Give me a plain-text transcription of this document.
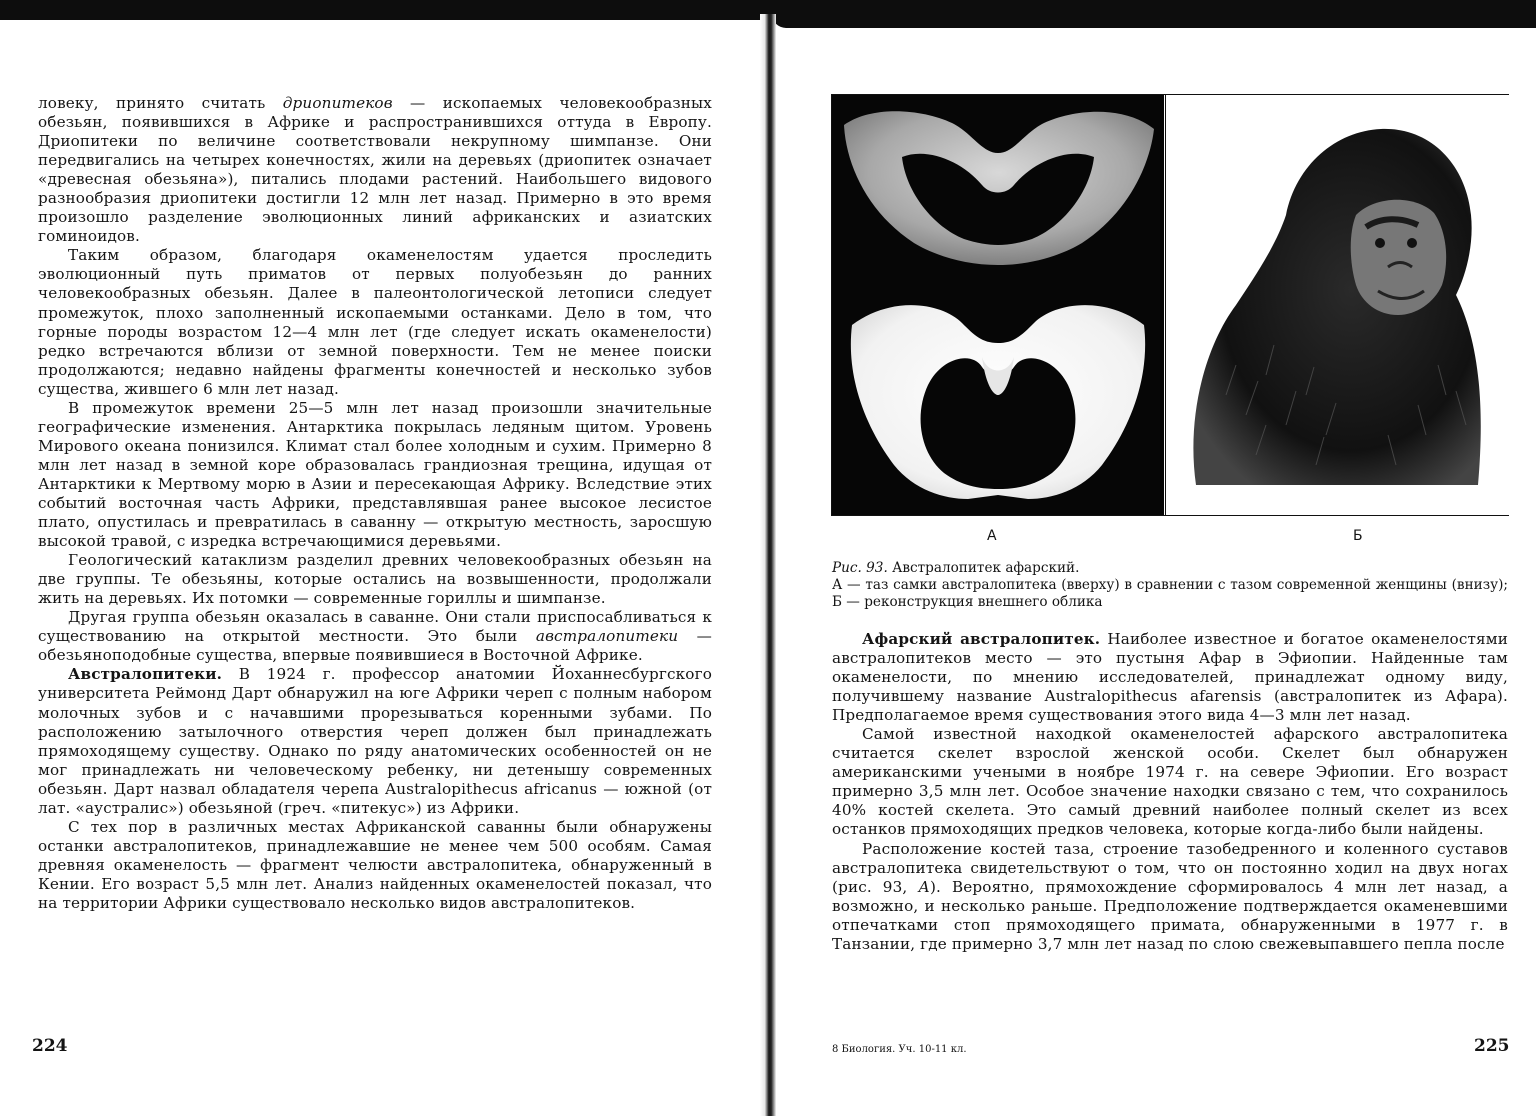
ловеку, принято считать дриопитеков — ископаемых человекообразных обезьян, появившихся в Африке и распространившихся оттуда в Европу. Дриопитеки по величине соответствовали некрупному шимпанзе. Они передвигались на четырех конечностях, жили на деревьях (дриопитек означает «древесная обезьяна»), питались плодами растений. Наибольшего видового разнообразия дриопитеки достигли 12 млн лет назад. Примерно в это время произошло разделение эволюционных линий африканских и азиатских гоминоидов.

Таким образом, благодаря окаменелостям удается проследить эволюционный путь приматов от первых полуобезьян до ранних человекообразных обезьян. Далее в палеонтологической летописи следует промежуток, плохо заполненный ископаемыми останками. Дело в том, что горные породы возрастом 12—4 млн лет (где следует искать окаменелости) редко встречаются вблизи от земной поверхности. Тем не менее поиски продолжаются; недавно найдены фрагменты конечностей и несколько зубов существа, жившего 6 млн лет назад.

В промежуток времени 25—5 млн лет назад произошли значительные географические изменения. Антарктика покрылась ледяным щитом. Уровень Мирового океана понизился. Климат стал более холодным и сухим. Примерно 8 млн лет назад в земной коре образовалась грандиозная трещина, идущая от Антарктики к Мертвому морю в Азии и пересекающая Африку. Вследствие этих событий восточная часть Африки, представлявшая ранее высокое лесистое плато, опустилась и превратилась в саванну — открытую местность, заросшую высокой травой, с изредка встречающимися деревьями.

Геологический катаклизм разделил древних человекообразных обезьян на две группы. Те обезьяны, которые остались на возвышенности, продолжали жить на деревьях. Их потомки — современные гориллы и шимпанзе.

Другая группа обезьян оказалась в саванне. Они стали приспосабливаться к существованию на открытой местности. Это были австралопитеки — обезьяноподобные существа, впервые появившиеся в Восточной Африке.

Австралопитеки. В 1924 г. профессор анатомии Йоханнесбургского университета Реймонд Дарт обнаружил на юге Африки череп с полным набором молочных зубов и с начавшими прорезываться коренными зубами. По расположению затылочного отверстия череп должен был принадлежать прямоходящему существу. Однако по ряду анатомических особенностей он не мог принадлежать ни человеческому ребенку, ни детенышу современных обезьян. Дарт назвал обладателя черепа Australopithecus africanus — южной (от лат. «аустралис») обезьяной (греч. «питекус») из Африки.

С тех пор в различных местах Африканской саванны были обнаружены останки австралопитеков, принадлежавшие не менее чем 500 особям. Самая древняя окаменелость — фрагмент челюсти австралопитека, обнаруженный в Кении. Его возраст 5,5 млн лет. Анализ найденных окаменелостей показал, что на территории Африки существовало несколько видов австралопитеков.

224
А	Б

Рис. 93. Австралопитек афарский.

А — таз самки австралопитека (вверху) в сравнении с тазом современной женщины (внизу); Б — реконструкция внешнего облика

Афарский австралопитек. Наиболее известное и богатое окаменелостями австралопитеков место — это пустыня Афар в Эфиопии. Найденные там окаменелости, по мнению исследователей, принадлежат одному виду, получившему название Australopithecus afarensis (австралопитек из Афара). Предполагаемое время существования этого вида 4—3 млн лет назад.

Самой известной находкой окаменелостей афарского австралопитека считается скелет взрослой женской особи. Скелет был обнаружен американскими учеными в ноябре 1974 г. на севере Эфиопии. Его возраст примерно 3,5 млн лет. Особое значение находки связано с тем, что сохранилось 40% костей скелета. Это самый древний наиболее полный скелет из всех останков прямоходящих предков человека, которые когда-либо были найдены.

Расположение костей таза, строение тазобедренного и коленного суставов австралопитека свидетельствуют о том, что он постоянно ходил на двух ногах (рис. 93, А). Вероятно, прямохождение сформировалось 4 млн лет назад, а возможно, и несколько раньше. Предположение подтверждается окаменевшими отпечатками стоп прямоходящего примата, обнаруженными в 1977 г. в Танзании, где примерно 3,7 млн лет назад по слою свежевыпавшего пепла после

8 Биология. Уч. 10-11 кл.	225
